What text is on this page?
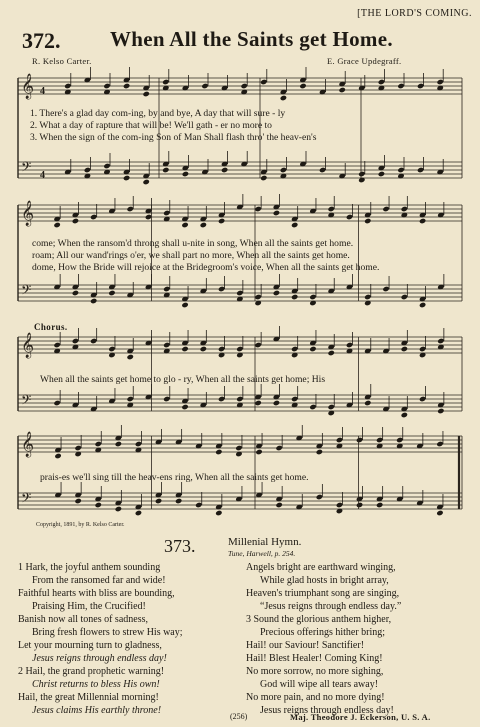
[THE LORD'S COMING.
372. When All the Saints get Home.
R. Kelso Carter.	E. Grace Updegraff.
𝄞
𝄢
4
4
𝄞
𝄢
𝄞
𝄢
𝄞
𝄢
1. There's a glad day com-ing, by and bye, A day that will sure - ly
2. What a day of rapture that will be! We'll gath - er no more to
3. When the sign of the com-ing Son of Man Shall flash thro' the heav-en's
come; When the ransom'd throng shall u-nite in song, When all the saints get home.
roam; All our wand'rings o'er, we shall part no more, When all the saints get home.
dome, How the Bride will rejoice at the Bridegroom's voice, When all the saints get home.
Chorus.
When all the saints get home to glo - ry, When all the saints get home; His
prais-es we'll sing till the heav-ens ring, When all the saints get home.
Copyright, 1891, by R. Kelso Carter.
373.	Millenial Hymn.
Tune, Harwell, p. 254.
1 Hark, the joyful anthem sounding
From the ransomed far and wide!
Faithful hearts with bliss are bounding,
Praising Him, the Crucified!
Banish now all tones of sadness,
Bring fresh flowers to strew His way;
Let your mourning turn to gladness,
Jesus reigns through endless day!
2 Hail, the grand prophetic warning!
Christ returns to bless His own!
Hail, the great Millennial morning!
Jesus claims His earthly throne!
Angels bright are earthward winging,
While glad hosts in bright array,
Heaven's triumphant song are singing,
“Jesus reigns through endless day.”
3 Sound the glorious anthem higher,
Precious offerings hither bring;
Hail! our Saviour! Sanctifier!
Hail! Blest Healer! Coming King!
No more sorrow, no more sighing,
God will wipe all tears away!
No more pain, and no more dying!
Jesus reigns through endless day!
(256)	Maj. Theodore J. Eckerson, U. S. A.
